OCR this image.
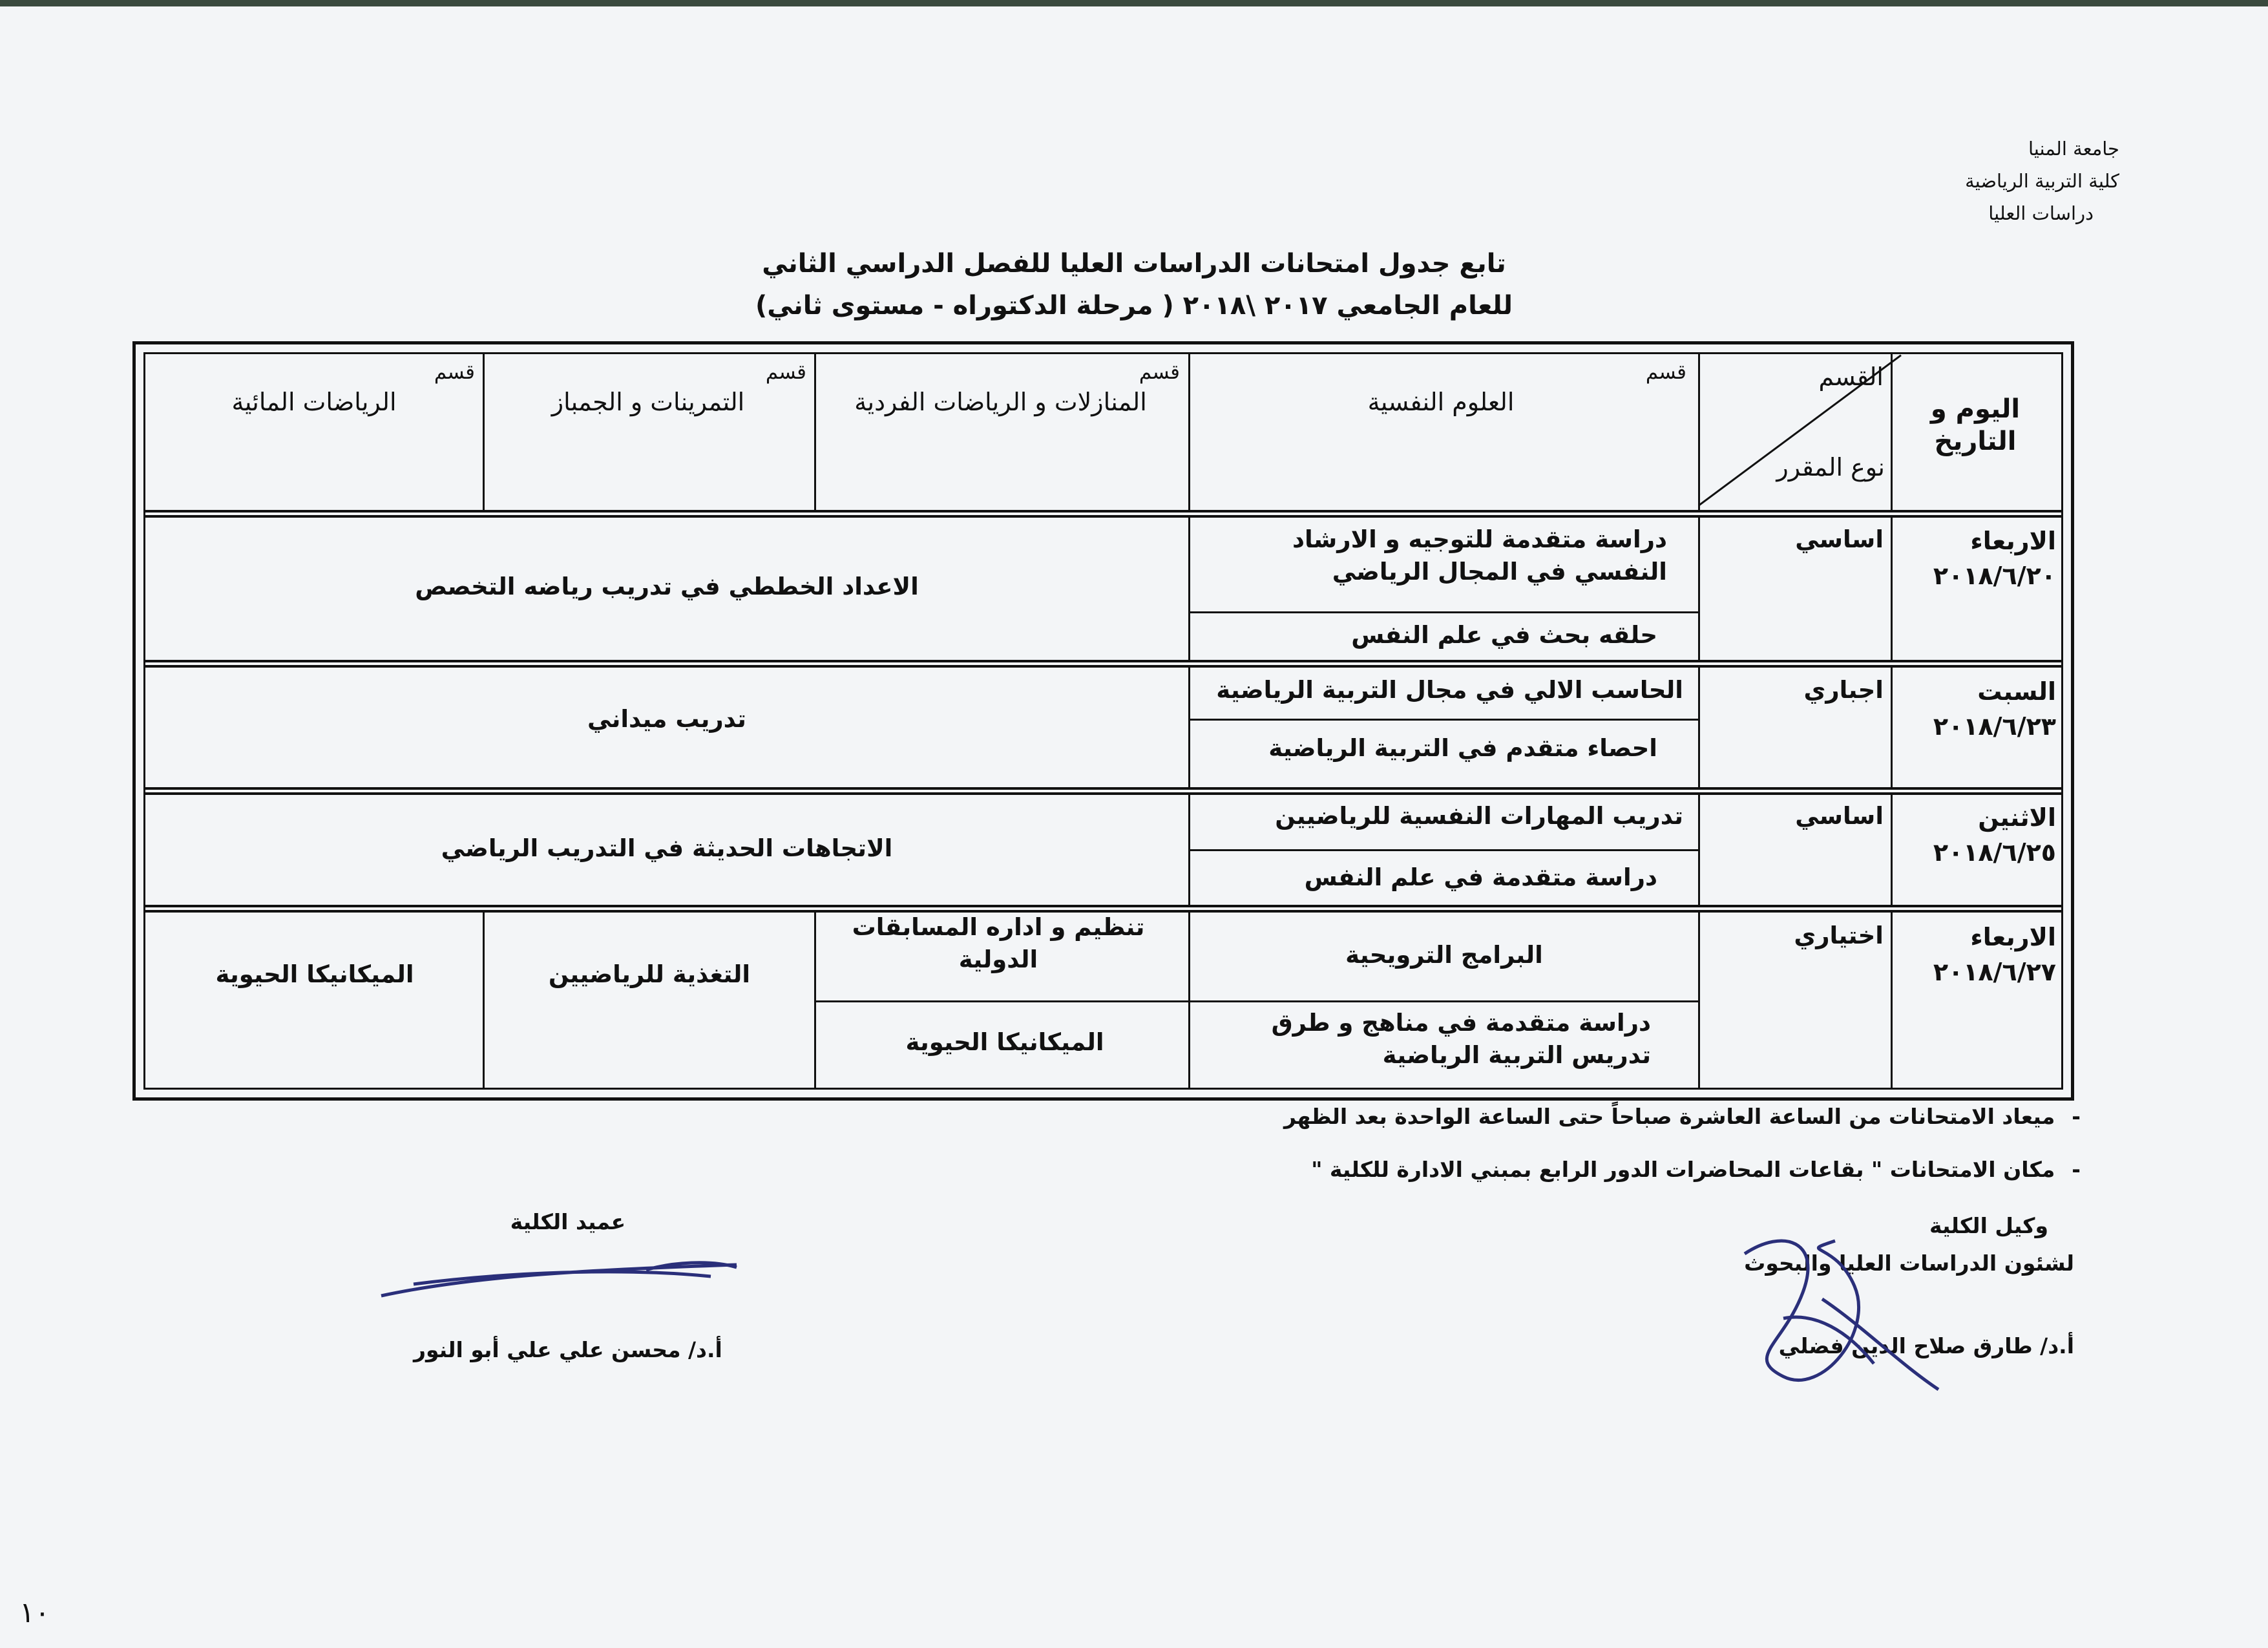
جامعة المنيا
كلية التربية الرياضية
دراسات العليا
تابع جدول امتحانات الدراسات العليا للفصل الدراسي الثاني
للعام الجامعي ٢٠١٧ \٢٠١٨ ( مرحلة الدكتوراه - مستوى ثاني)
اليوم و التاريخ
القسم
نوع المقرر
قسم
العلوم النفسية
قسم
المنازلات و الرياضات الفردية
قسم
التمرينات و الجمباز
قسم
الرياضات المائية
الاربعاء
٢٠١٨/٦/٢٠
اساسي
دراسة متقدمة للتوجيه و الارشاد النفسي في المجال الرياضي
حلقه بحث في علم النفس
الاعداد الخططي في تدريب رياضه التخصص
السبت
٢٠١٨/٦/٢٣
اجباري
الحاسب الالي في مجال التربية الرياضية
احصاء متقدم في التربية الرياضية
تدريب ميداني
الاثنين
٢٠١٨/٦/٢٥
اساسي
تدريب المهارات النفسية للرياضيين
دراسة متقدمة في علم النفس
الاتجاهات الحديثة في التدريب الرياضي
الاربعاء
٢٠١٨/٦/٢٧
اختياري
البرامج الترويحية
دراسة متقدمة في مناهج و طرق تدريس التربية الرياضية
تنظيم و اداره المسابقات الدولية
الميكانيكا الحيوية
التغذية للرياضيين
الميكانيكا الحيوية
-ميعاد الامتحانات من الساعة العاشرة صباحاً حتى الساعة الواحدة بعد الظهر
-مكان الامتحانات " بقاعات المحاضرات الدور الرابع بمبني الادارة للكلية "
وكيل الكلية
لشئون الدراسات العليا والبحوث
أ.د/ طارق صلاح الدين فضلي
عميد الكلية
أ.د/ محسن علي علي أبو النور
١٠
